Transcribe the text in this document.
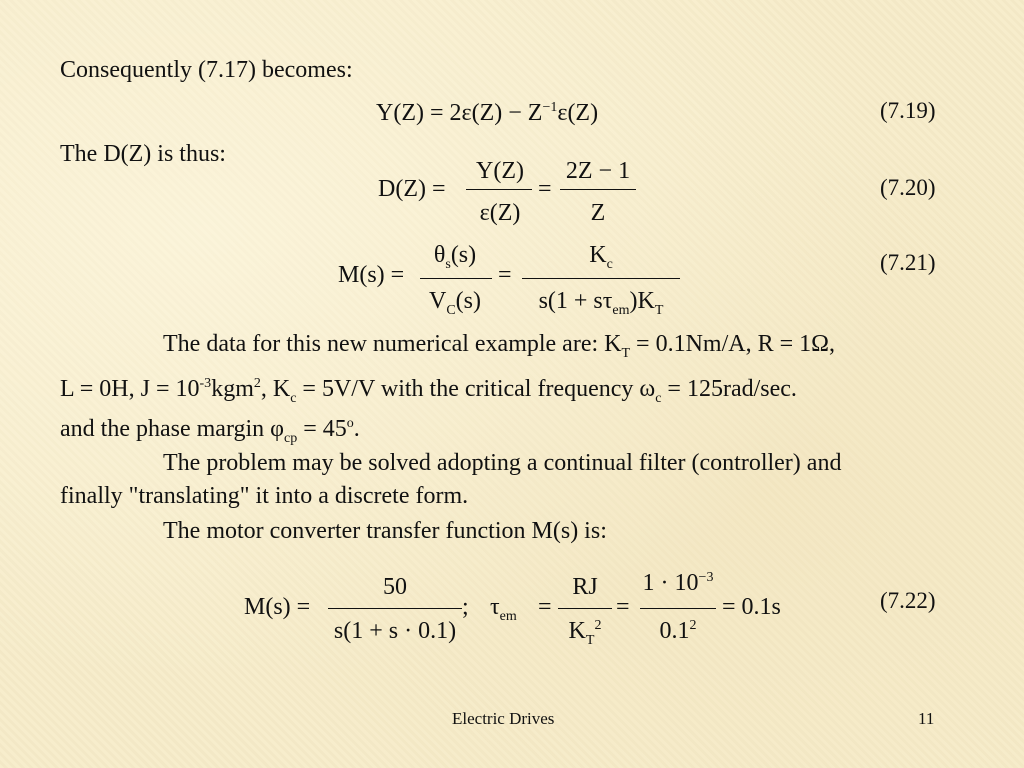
Consequently (7.17) becomes:
The D(Z) is thus:
(7.19)
(7.20)
(7.21)
(7.22)
$Y(Z) = 2\varepsilon(Z) - Z^{-1}\varepsilon(Z)$
D(Z) =
Y(Z)
ε(Z)
=
2Z − 1
Z
M(s) =
$\theta_s(s)$
$V_C(s)$
=
$K_c$
$s(1 + s\tau_{em})K_T$
The data for this new numerical example are: $K_T = 0.1Nm/A$, R = 1Ω,
L = 0H, $J = 10^{-3}kgm^2$, $K_c = 5V/V$ with the critical frequency $\omega_c = 125rad/\sec$.
and the phase margin $\varphi_{cp} = 45^o$.
The problem may be solved adopting a continual filter (controller) and
finally "translating" it into a discrete form.
The motor converter transfer function M(s) is:
M(s) =
50
s(1 + s · 0.1)
; $\tau_{em}$ =
RJ
$K_T^2$
=
$1 \cdot 10^{-3}$
$0.1^2$
= 0.1s
Electric Drives	11
